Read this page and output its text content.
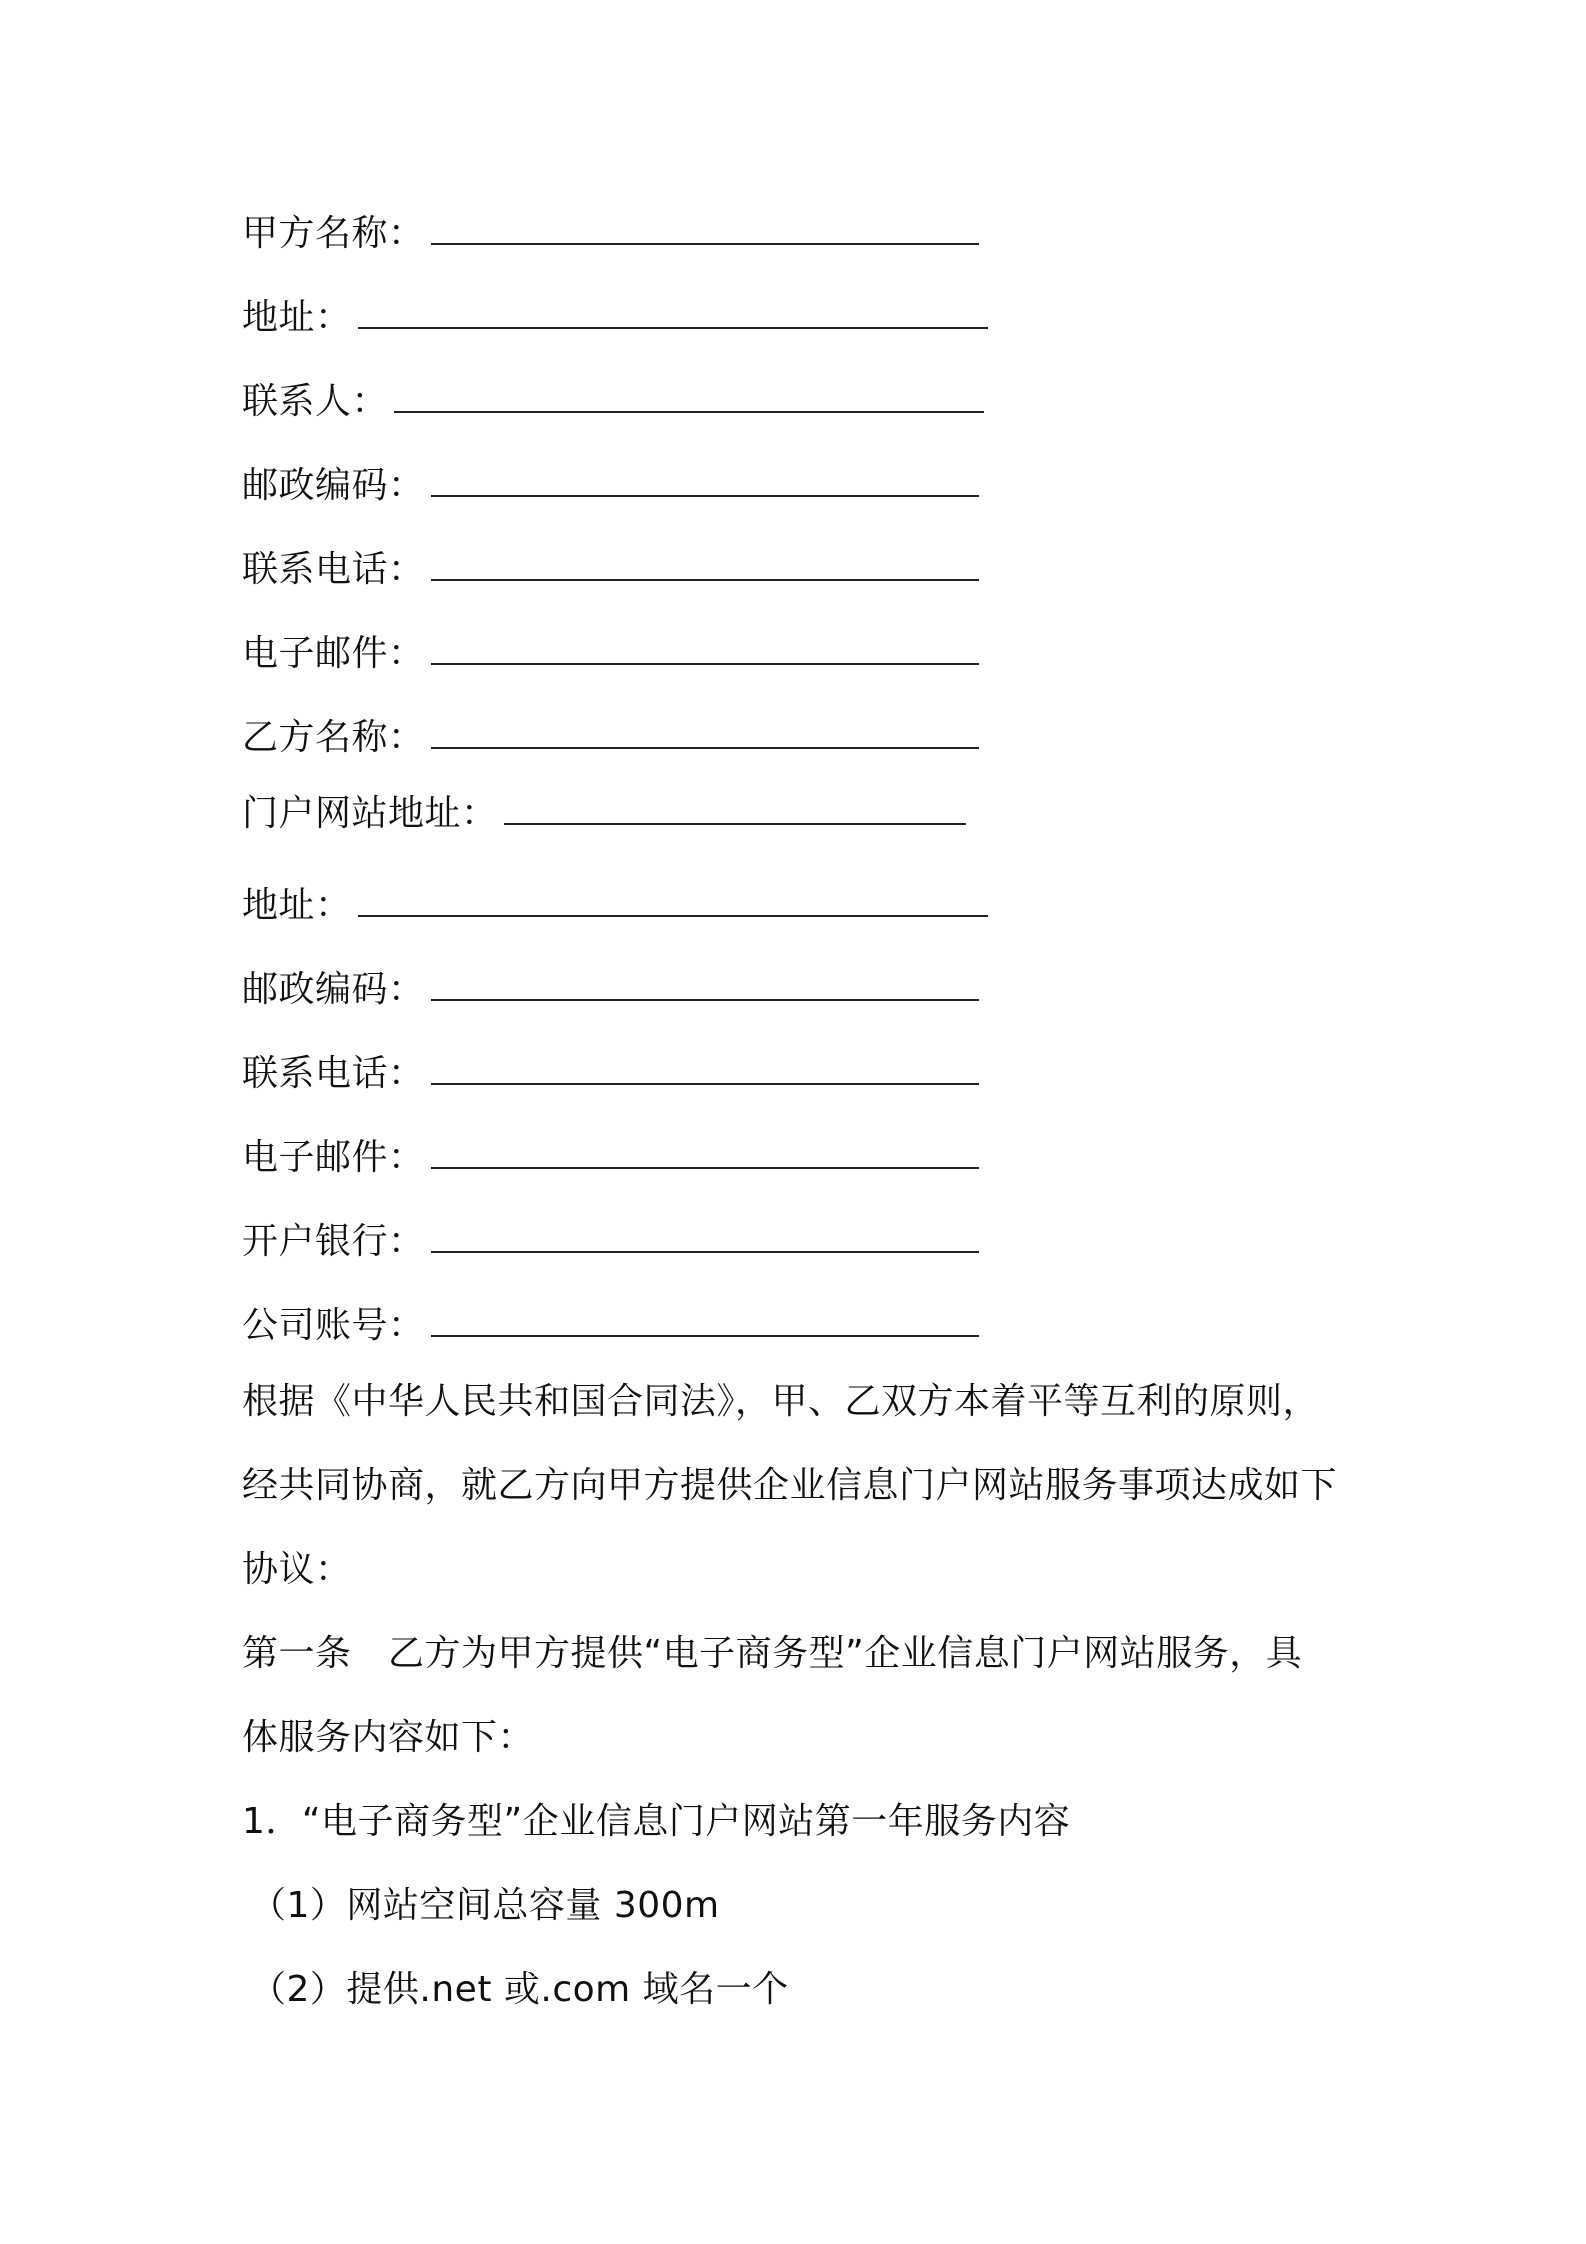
甲方名称：
地址：
联系人：
邮政编码：
联系电话：
电子邮件：
乙方名称：
门户网站地址：
地址：
邮政编码：
联系电话：
电子邮件：
开户银行：
公司账号：
根据《中华人民共和国合同法》，甲、乙双方本着平等互利的原则，
经共同协商，就乙方向甲方提供企业信息门户网站服务事项达成如下
协议：
第一条　乙方为甲方提供“电子商务型”企业信息门户网站服务，具
体服务内容如下：
1．“电子商务型”企业信息门户网站第一年服务内容
（1）网站空间总容量 300m
（2）提供.net 或.com 域名一个
